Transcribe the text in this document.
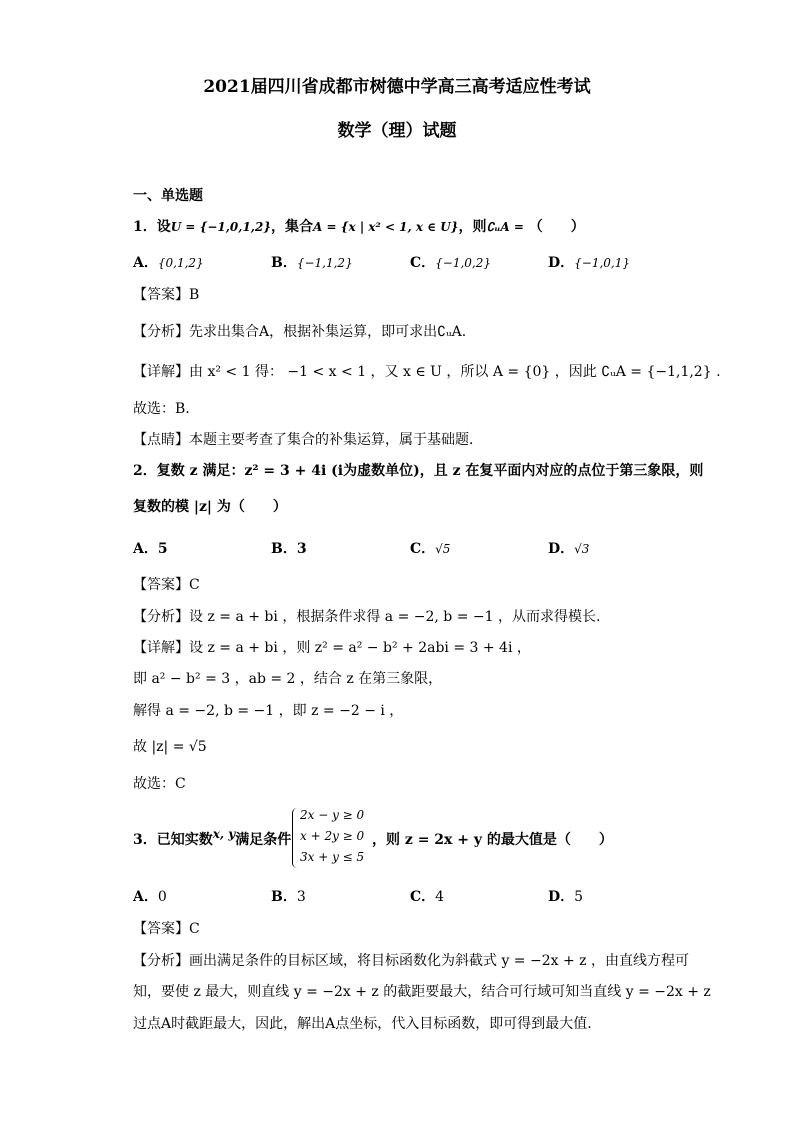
2021届四川省成都市树德中学高三高考适应性考试
数学（理）试题
一、单选题
1．设U = {−1,0,1,2}，集合A = {x | x² < 1, x ∈ U}，则∁ᵤA = （　　）
A．{0,1,2}	B．{−1,1,2}	C．{−1,0,2}	D．{−1,0,1}
【答案】B
【分析】先求出集合A，根据补集运算，即可求出∁ᵤA.
【详解】由 x² < 1 得： −1 < x < 1 ，又 x ∈ U ，所以 A = {0} ，因此 ∁ᵤA = {−1,1,2} .
故选：B.
【点睛】本题主要考查了集合的补集运算，属于基础题.
2．复数 z 满足：z² = 3 + 4i (i为虚数单位)，且 z 在复平面内对应的点位于第三象限，则
复数的模 |z| 为（　　）
A．5	B．3	C．√5	D．√3
【答案】C
【分析】设 z = a + bi ，根据条件求得 a = −2, b = −1 ，从而求得模长.
【详解】设 z = a + bi ，则 z² = a² − b² + 2abi = 3 + 4i ，
即 a² − b² = 3 ，ab = 2 ，结合 z 在第三象限，
解得 a = −2, b = −1 ，即 z = −2 − i ，
故 |z| = √5
故选：C
3．已知实数x, y满足条件
2x − y ≥ 0
x + 2y ≥ 0
3x + y ≤ 5
，则 z = 2x + y 的最大值是（　　）
A．0	B．3	C．4	D．5
【答案】C
【分析】画出满足条件的目标区域，将目标函数化为斜截式 y = −2x + z ，由直线方程可
知，要使 z 最大，则直线 y = −2x + z 的截距要最大，结合可行域可知当直线 y = −2x + z
过点A时截距最大，因此，解出A点坐标，代入目标函数，即可得到最大值.
